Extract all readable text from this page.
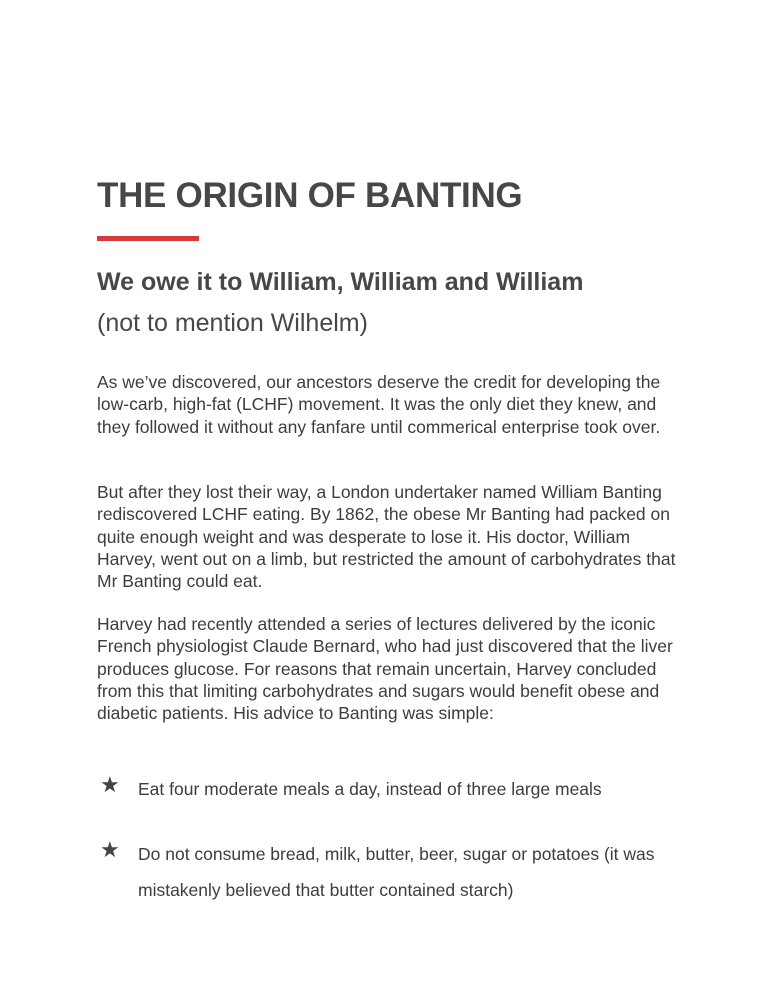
THE ORIGIN OF BANTING
We owe it to William, William and William
(not to mention Wilhelm)

As we’ve discovered, our ancestors deserve the credit for developing the low-carb, high-fat (LCHF) movement. It was the only diet they knew, and they followed it without any fanfare until commerical enterprise took over.

But after they lost their way, a London undertaker named William Banting rediscovered LCHF eating. By 1862, the obese Mr Banting had packed on quite enough weight and was desperate to lose it. His doctor, William Harvey, went out on a limb, but restricted the amount of carbohydrates that Mr Banting could eat.

Harvey had recently attended a series of lectures delivered by the iconic French physiologist Claude Bernard, who had just discovered that the liver produces glucose. For reasons that remain uncertain, Harvey concluded from this that limiting carbohydrates and sugars would benefit obese and diabetic patients. His advice to Banting was simple:

★ Eat four moderate meals a day, instead of three large meals
★ Do not consume bread, milk, butter, beer, sugar or potatoes (it was mistakenly believed that butter contained starch)
